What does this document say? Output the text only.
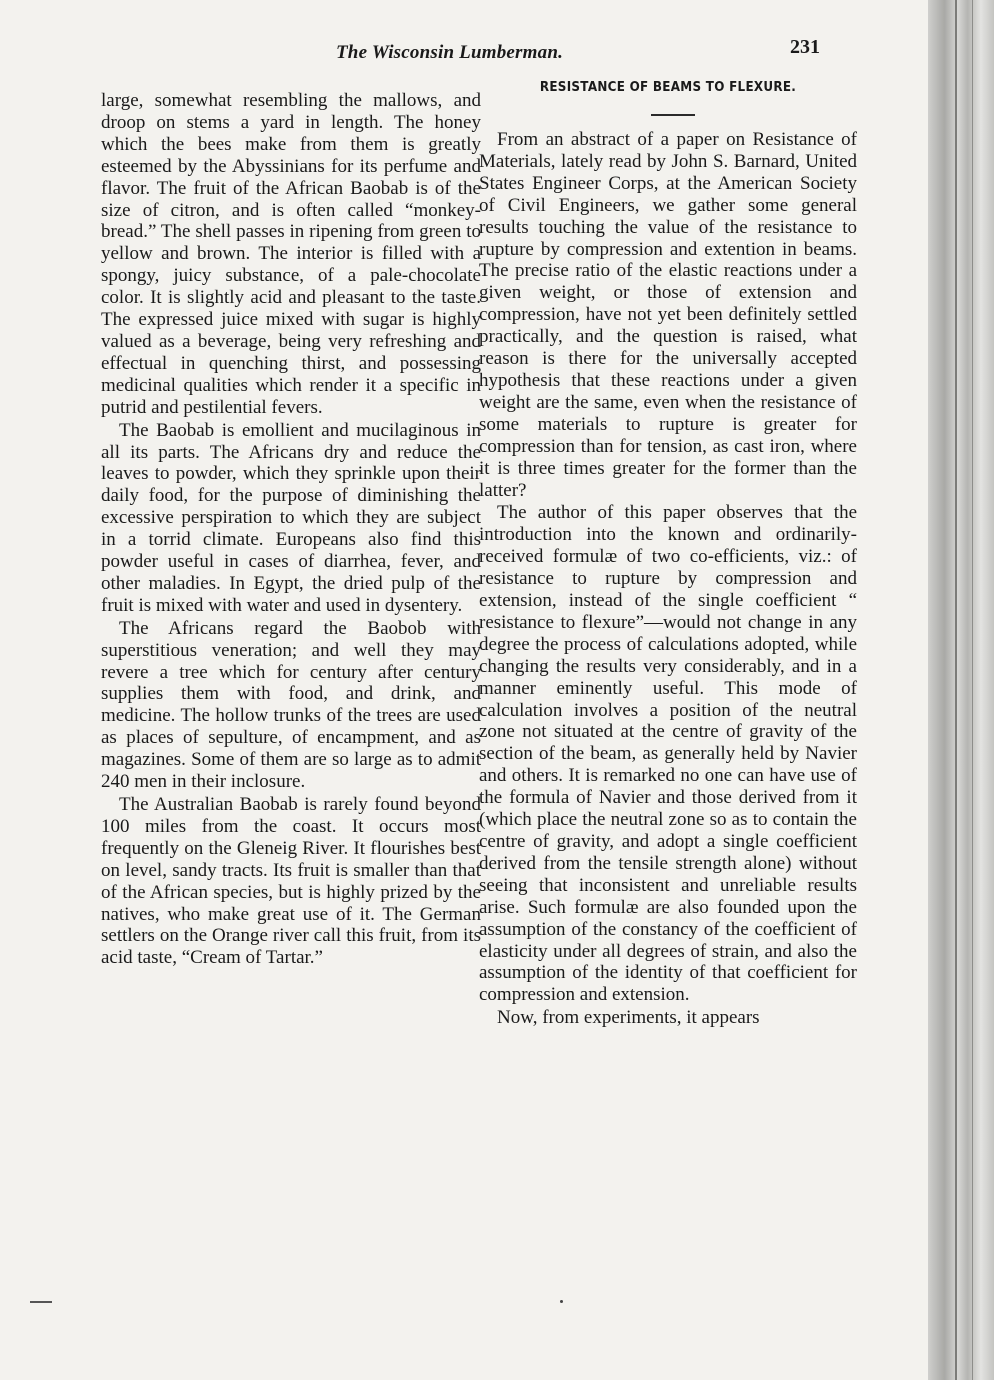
The Wisconsin Lumberman.	231

large, somewhat resembling the mallows, and droop on stems a yard in length. The honey which the bees make from them is greatly esteemed by the Abyssinians for its perfume and flavor. The fruit of the African Baobab is of the size of citron, and is often called “monkey-bread.” The shell passes in ripening from green to yellow and brown. The interior is filled with a spongy, juicy substance, of a pale-chocolate color. It is slightly acid and pleasant to the taste. The expressed juice mixed with sugar is highly valued as a beverage, being very refreshing and effectual in quenching thirst, and possessing medicinal qualities which render it a specific in putrid and pestilential fevers.

The Baobab is emollient and mucilaginous in all its parts. The Africans dry and reduce the leaves to powder, which they sprinkle upon their daily food, for the purpose of diminishing the excessive perspiration to which they are subject in a torrid climate. Europeans also find this powder useful in cases of diarrhea, fever, and other maladies. In Egypt, the dried pulp of the fruit is mixed with water and used in dysentery.

The Africans regard the Baobob with superstitious veneration; and well they may revere a tree which for century after century supplies them with food, and drink, and medicine. The hollow trunks of the trees are used as places of sepulture, of encampment, and as magazines. Some of them are so large as to admit 240 men in their inclosure.

The Australian Baobab is rarely found beyond 100 miles from the coast. It occurs most frequently on the Gleneig River. It flourishes best on level, sandy tracts. Its fruit is smaller than that of the African species, but is highly prized by the natives, who make great use of it. The German settlers on the Orange river call this fruit, from its acid taste, “Cream of Tartar.”

RESISTANCE OF BEAMS TO FLEXURE.

From an abstract of a paper on Resistance of Materials, lately read by John S. Barnard, United States Engineer Corps, at the American Society of Civil Engineers, we gather some general results touching the value of the resistance to rupture by compression and extention in beams. The precise ratio of the elastic reactions under a given weight, or those of extension and compression, have not yet been definitely settled practically, and the question is raised, what reason is there for the universally accepted hypothesis that these reactions under a given weight are the same, even when the resistance of some materials to rupture is greater for compression than for tension, as cast iron, where it is three times greater for the former than the latter?

The author of this paper observes that the introduction into the known and ordinarily-received formulæ of two co-efficients, viz.: of resistance to rupture by compression and extension, instead of the single coefficient “ resistance to flexure”—would not change in any degree the process of calculations adopted, while changing the results very considerably, and in a manner eminently useful. This mode of calculation involves a position of the neutral zone not situated at the centre of gravity of the section of the beam, as generally held by Navier and others. It is remarked no one can have use of the formula of Navier and those derived from it (which place the neutral zone so as to contain the centre of gravity, and adopt a single coefficient derived from the tensile strength alone) without seeing that inconsistent and unreliable results arise. Such formulæ are also founded upon the assumption of the constancy of the coefficient of elasticity under all degrees of strain, and also the assumption of the identity of that coefficient for compression and extension.

Now, from experiments, it appears
